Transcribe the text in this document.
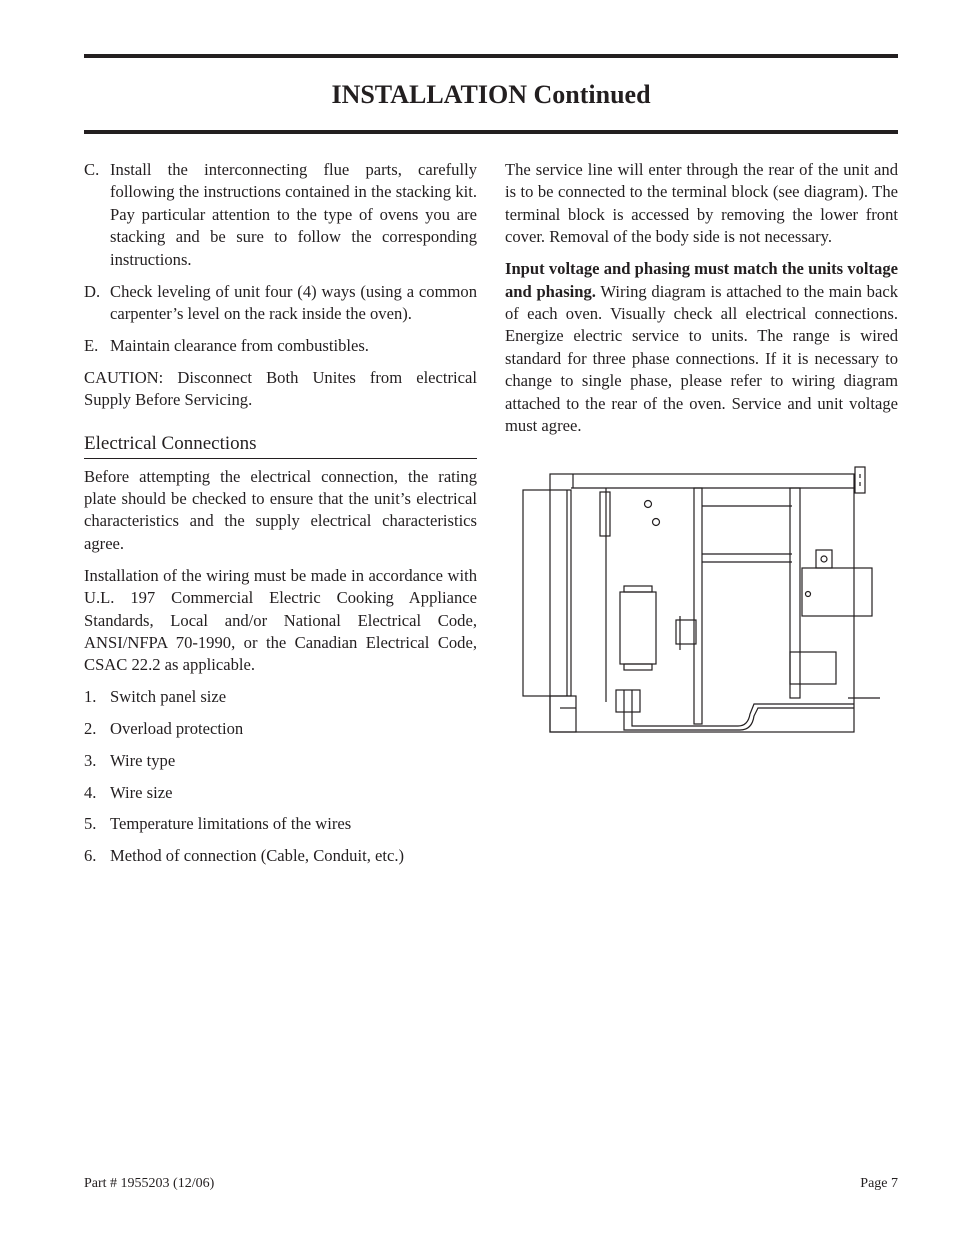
INSTALLATION Continued
C. Install the interconnecting flue parts, carefully following the instructions contained in the stacking kit. Pay particular attention to the type of ovens you are stacking and be sure to follow the corresponding instructions.
D. Check leveling of unit four (4) ways (using a common carpenter’s level on the rack inside the oven).
E. Maintain clearance from combustibles.

CAUTION: Disconnect Both Unites from electrical Supply Before Servicing.

Electrical Connections

Before attempting the electrical connection, the rating plate should be checked to ensure that the unit’s electrical characteristics and the supply electrical characteristics agree.

Installation of the wiring must be made in accordance with U.L. 197 Commercial Electric Cooking Appliance Standards, Local and/or National Electrical Code, ANSI/NFPA 70-1990, or the Canadian Electrical Code, CSAC 22.2 as applicable.

1. Switch panel size
2. Overload protection
3. Wire type
4. Wire size
5. Temperature limitations of the wires
6. Method of connection (Cable, Conduit, etc.)

The service line will enter through the rear of the unit and is to be connected to the terminal block (see diagram). The terminal block is accessed by removing the lower front cover. Removal of the body side is not necessary.

Input voltage and phasing must match the units voltage and phasing. Wiring diagram is attached to the main back of each oven. Visually check all electrical connections. Energize electric service to units. The range is wired standard for three phase connections. If it is necessary to change to single phase, please refer to wiring diagram attached to the rear of the oven. Service and unit voltage must agree.

Part # 1955203 (12/06)	Page 7
